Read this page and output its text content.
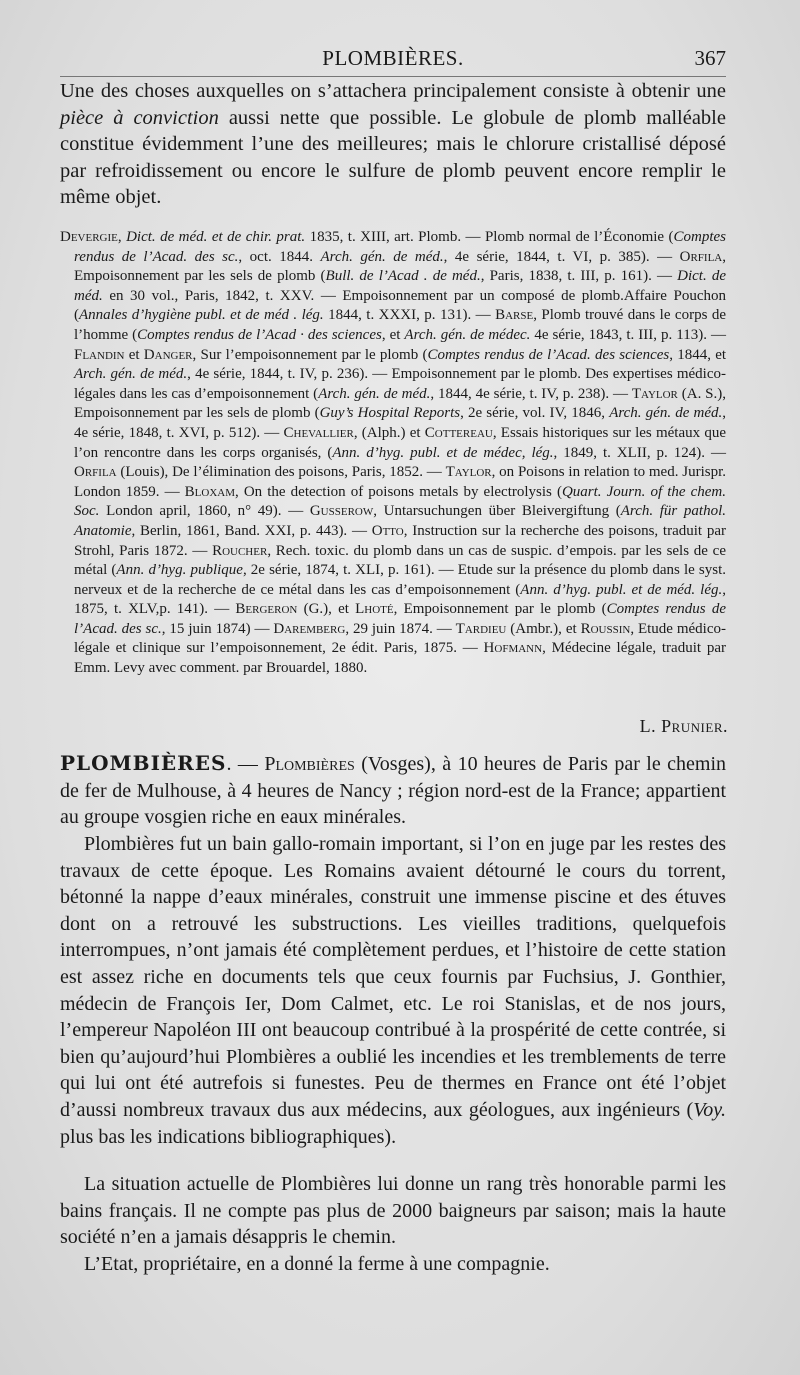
PLOMBIÈRES.	367

Une des choses auxquelles on s’attachera principalement consiste à obtenir une pièce à conviction aussi nette que possible. Le globule de plomb malléable constitue évidemment l’une des meilleures; mais le chlorure cristallisé déposé par refroidissement ou encore le sulfure de plomb peuvent encore remplir le même objet.

Devergie, Dict. de méd. et de chir. prat. 1835, t. XIII, art. Plomb. — Plomb normal de l’Économie (Comptes rendus de l’Acad. des sc., oct. 1844. Arch. gén. de méd., 4e série, 1844, t. VI, p. 385). — Orfila, Empoisonnement par les sels de plomb (Bull. de l’Acad . de méd., Paris, 1838, t. III, p. 161). — Dict. de méd. en 30 vol., Paris, 1842, t. XXV. — Empoisonnement par un composé de plomb.Affaire Pouchon (Annales d’hygiène publ. et de méd . lég. 1844, t. XXXI, p. 131). — Barse, Plomb trouvé dans le corps de l’homme (Comptes rendus de l’Acad · des sciences, et Arch. gén. de médec. 4e série, 1843, t. III, p. 113). — Flandin et Danger, Sur l’empoisonnement par le plomb (Comptes rendus de l’Acad. des sciences, 1844, et Arch. gén. de méd., 4e série, 1844, t. IV, p. 236). — Empoisonnement par le plomb. Des expertises médico-légales dans les cas d’empoisonnement (Arch. gén. de méd., 1844, 4e série, t. IV, p. 238). — Taylor (A. S.), Empoisonnement par les sels de plomb (Guy’s Hospital Reports, 2e série, vol. IV, 1846, Arch. gén. de méd., 4e série, 1848, t. XVI, p. 512). — Chevallier, (Alph.) et Cottereau, Essais historiques sur les métaux que l’on rencontre dans les corps organisés, (Ann. d’hyg. publ. et de médec, lég., 1849, t. XLII, p. 124). — Orfila (Louis), De l’élimination des poisons, Paris, 1852. — Taylor, on Poisons in relation to med. Jurispr. London 1859. — Bloxam, On the detection of poisons metals by electrolysis (Quart. Journ. of the chem. Soc. London april, 1860, n° 49). — Gusserow, Untarsuchungen über Bleivergiftung (Arch. für pathol. Anatomie, Berlin, 1861, Band. XXI, p. 443). — Otto, Instruction sur la recherche des poisons, traduit par Strohl, Paris 1872. — Roucher, Rech. toxic. du plomb dans un cas de suspic. d’empois. par les sels de ce métal (Ann. d’hyg. publique, 2e série, 1874, t. XLI, p. 161). — Etude sur la présence du plomb dans le syst. nerveux et de la recherche de ce métal dans les cas d’empoisonnement (Ann. d’hyg. publ. et de méd. lég., 1875, t. XLV,p. 141). — Bergeron (G.), et Lhoté, Empoisonnement par le plomb (Comptes rendus de l’Acad. des sc., 15 juin 1874) — Daremberg, 29 juin 1874. — Tardieu (Ambr.), et Roussin, Etude médico-légale et clinique sur l’empoisonnement, 2e édit. Paris, 1875. — Hofmann, Médecine légale, traduit par Emm. Levy avec comment. par Brouardel, 1880.

L. Prunier.

PLOMBIÈRES. — Plombières (Vosges), à 10 heures de Paris par le chemin de fer de Mulhouse, à 4 heures de Nancy ; région nord-est de la France; appartient au groupe vosgien riche en eaux minérales.

Plombières fut un bain gallo-romain important, si l’on en juge par les restes des travaux de cette époque. Les Romains avaient détourné le cours du torrent, bétonné la nappe d’eaux minérales, construit une immense piscine et des étuves dont on a retrouvé les substructions. Les vieilles traditions, quelquefois interrompues, n’ont jamais été complètement perdues, et l’histoire de cette station est assez riche en documents tels que ceux fournis par Fuchsius, J. Gonthier, médecin de François Ier, Dom Calmet, etc. Le roi Stanislas, et de nos jours, l’empereur Napoléon III ont beaucoup contribué à la prospérité de cette contrée, si bien qu’aujourd’hui Plombières a oublié les incendies et les tremblements de terre qui lui ont été autrefois si funestes. Peu de thermes en France ont été l’objet d’aussi nombreux travaux dus aux médecins, aux géologues, aux ingénieurs (Voy. plus bas les indications bibliographiques).

La situation actuelle de Plombières lui donne un rang très honorable parmi les bains français. Il ne compte pas plus de 2000 baigneurs par saison; mais la haute société n’en a jamais désappris le chemin.

L’Etat, propriétaire, en a donné la ferme à une compagnie.
